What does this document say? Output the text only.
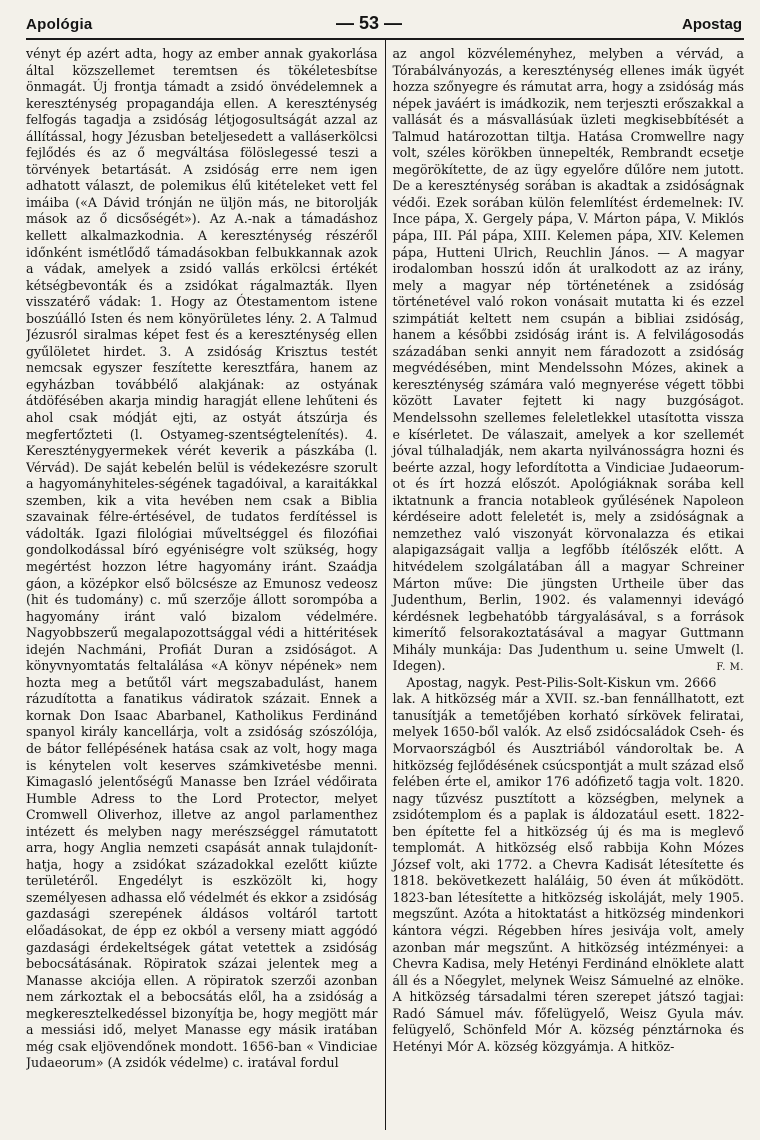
Apológia	— 53 —	Apostag

vényt ép azért adta, hogy az ember annak gyakorlása által közszellemet teremtsen és tökéletesbítse önmagát. Új frontja támadt a zsidó önvédelemnek a kereszténység propagandája ellen. A kereszténység felfogás tagadja a zsidóság létjogosultságát azzal az állítással, hogy Jézusban beteljesedett a valláserkölcsi fejlődés és az ő megváltása fölöslegessé teszi a törvények betartását. A zsidóság erre nem igen adhatott választ, de polemikus élű kitételeket vett fel imáiba («A Dávid trónján ne üljön más, ne bitorolják mások az ő dicsőségét»). Az A.-nak a támadáshoz kellett alkalmazkodnia. A kereszténység részéről időnként ismétlődő támadásokban felbukkannak azok a vádak, amelyek a zsidó vallás erkölcsi értékét kétségbevonták és a zsidókat rágalmazták. Ilyen visszatérő vádak: 1. Hogy az Ótestamentom istene boszúálló Isten és nem könyörületes lény. 2. A Talmud Jézusról siralmas képet fest és a kereszténység ellen gyűlöletet hirdet. 3. A zsidóság Krisztus testét nemcsak egyszer feszítette keresztfára, hanem az egyházban továbbélő alakjának: az ostyának átdöfésében akarja mindig haragját ellene lehűteni és ahol csak módját ejti, az ostyát átszúrja és megfertőzteti (l. Ostyameg-szentségtelenítés). 4. Kereszténygyermekek vérét keverik a pászkába (l. Vérvád). De saját kebelén belül is védekezésre szorult a hagyományhiteles-ségének tagadóival, a karaitákkal szemben, kik a vita hevében nem csak a Biblia szavainak félre-értésével, de tudatos ferdítéssel is vádolták. Igazi filológiai műveltséggel és filozófiai gondolkodással bíró egyéniségre volt szükség, hogy megértést hozzon létre hagyomány iránt. Szaádja gáon, a középkor első bölcsésze az Emunosz vedeosz (hit és tudomány) c. mű szerzője állott sorompóba a hagyomány iránt való bizalom védelmére. Nagyobbszerű megalapozottsággal védi a hittéritések idején Nachmáni, Profiát Duran a zsidóságot. A könyvnyomtatás feltalálása «A könyv népének» nem hozta meg a betűtől várt megszabadulást, hanem rázudította a fanatikus vádiratok százait. Ennek a kornak Don Isaac Abarbanel, Katholikus Ferdinánd spanyol király kancellárja, volt a zsidóság szószólója, de bátor fellépésének hatása csak az volt, hogy maga is kénytelen volt keserves számkivetésbe menni. Kimagasló jelentőségű Manasse ben Izráel védőirata Humble Adress to the Lord Protector, melyet Cromwell Oliverhoz, illetve az angol parlamenthez intézett és melyben nagy merészséggel rámutatott arra, hogy Anglia nemzeti csapását annak tulajdonít-hatja, hogy a zsidókat századokkal ezelőtt kiűzte területéről. Engedélyt is eszközölt ki, hogy személyesen adhassa elő védelmét és ekkor a zsidóság gazdasági szerepének áldásos voltáról tartott előadásokat, de épp ez okból a verseny miatt aggódó gazdasági érdekeltségek gátat vetettek a zsidóság bebocsátásának. Röpiratok százai jelentek meg a Manasse akciója ellen. A röpiratok szerzői azonban nem zárkoztak el a bebocsátás elől, ha a zsidóság a megkeresztelkedéssel bizonyítja be, hogy megjött már a messiási idő, melyet Manasse egy másik iratában még csak eljövendőnek mondott. 1656-ban « Vindiciae Judaeorum» (A zsidók védelme) c. iratával fordul

az angol közvéleményhez, melyben a vérvád, a Tórabálványozás, a kereszténység ellenes imák ügyét hozza szőnyegre és rámutat arra, hogy a zsidóság más népek javáért is imádkozik, nem terjeszti erőszakkal a vallását és a másvallásúak üzleti megkisebbítését a Talmud határozottan tiltja. Hatása Cromwellre nagy volt, széles körökben ünnepelték, Rembrandt ecsetje megörökítette, de az ügy egyelőre dűlőre nem jutott. De a kereszténység sorában is akadtak a zsidóságnak védői. Ezek sorában külön felemlítést érdemelnek: IV. Ince pápa, X. Gergely pápa, V. Márton pápa, V. Miklós pápa, III. Pál pápa, XIII. Kelemen pápa, XIV. Kelemen pápa, Hutteni Ulrich, Reuchlin János. — A magyar irodalomban hosszú időn át uralkodott az az irány, mely a magyar nép történetének a zsidóság történetével való rokon vonásait mutatta ki és ezzel szimpátiát keltett nem csupán a bibliai zsidóság, hanem a későbbi zsidóság iránt is. A felvilágosodás századában senki annyit nem fáradozott a zsidóság megvédésében, mint Mendelssohn Mózes, akinek a kereszténység számára való megnyerése végett többi között Lavater fejtett ki nagy buzgóságot. Mendelssohn szellemes feleletlekkel utasította vissza e kísérletet. De válaszait, amelyek a kor szellemét jóval túlhaladják, nem akarta nyilvánosságra hozni és beérte azzal, hogy lefordította a Vindiciae Judaeorum-ot és írt hozzá előszót. Apológiáknak sorába kell iktatnunk a francia notableok gyűlésének Napoleon kérdéseire adott feleletét is, mely a zsidóságnak a nemzethez való viszonyát körvonalazza és etikai alapigazságait vallja a legfőbb ítélőszék előtt. A hitvédelem szolgálatában áll a magyar Schreiner Márton műve: Die jüngsten Urtheile über das Judenthum, Berlin, 1902. és valamennyi idevágó kérdésnek legbehatóbb tárgyalásával, s a források kimerítő felsorakoztatásával a magyar Guttmann Mihály munkája: Das Judenthum u. seine Umwelt (l. Idegen).	F. M.

Apostag, nagyk. Pest-Pilis-Solt-Kiskun vm. 2666 lak. A hitközség már a XVII. sz.-ban fennállhatott, ezt tanusítják a temetőjében korható sírkövek feliratai, melyek 1650-ből valók. Az első zsidócsaládok Cseh- és Morvaországból és Ausztriából vándoroltak be. A hitközség fejlődésének csúcspontját a mult század első felében érte el, amikor 176 adófizető tagja volt. 1820. nagy tűzvész pusztított a községben, melynek a zsidótemplom és a paplak is áldozatául esett. 1822-ben építette fel a hitközség új és ma is meglevő templomát. A hitközség első rabbija Kohn Mózes József volt, aki 1772. a Chevra Kadisát létesítette és 1818. bekövetkezett haláláig, 50 éven át működött. 1823-ban létesítette a hitközség iskoláját, mely 1905. megszűnt. Azóta a hitoktatást a hitközség mindenkori kántora végzi. Régebben híres jesivája volt, amely azonban már megszűnt. A hitközség intézményei: a Chevra Kadisa, mely Hetényi Ferdinánd elnöklete alatt áll és a Nőegylet, melynek Weisz Sámuelné az elnöke. A hitközség társadalmi téren szerepet játszó tagjai: Radó Sámuel máv. főfelügyelő, Weisz Gyula máv. felügyelő, Schönfeld Mór A. község pénztárnoka és Hetényi Mór A. község közgyámja. A hitköz-
